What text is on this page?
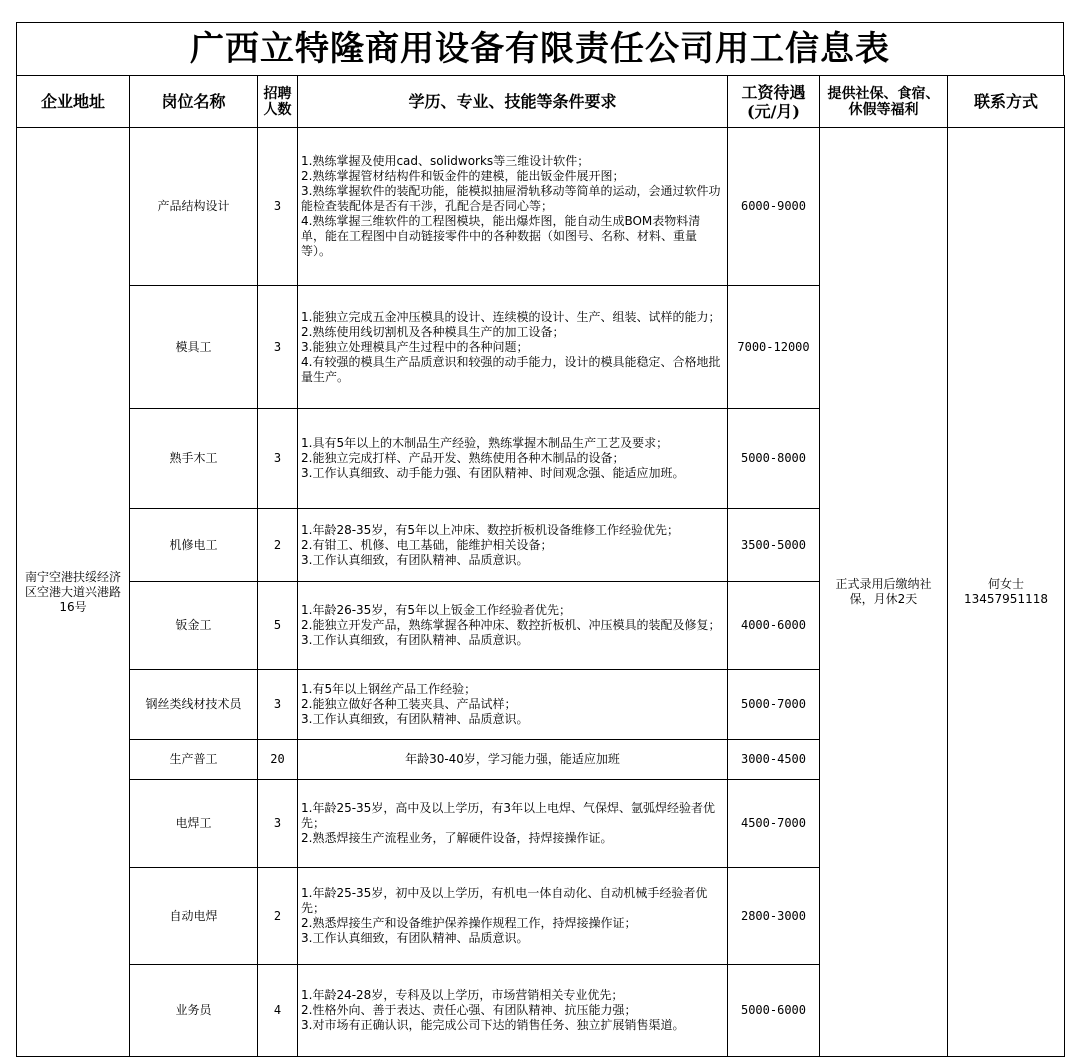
广西立特隆商用设备有限责任公司用工信息表
企业地址	岗位名称	招聘人数	学历、专业、技能等条件要求	工资待遇(元/月)	提供社保、食宿、休假等福利	联系方式
南宁空港扶绥经济区空港大道兴港路16号	产品结构设计	3	1.熟练掌握及使用cad、solidworks等三维设计软件；
2.熟练掌握管材结构件和钣金件的建模，能出钣金件展开图；
3.熟练掌握软件的装配功能，能模拟抽屉滑轨移动等简单的运动，会通过软件功能检查装配体是否有干涉，孔配合是否同心等；
4.熟练掌握三维软件的工程图模块，能出爆炸图，能自动生成BOM表物料清单，能在工程图中自动链接零件中的各种数据（如图号、名称、材料、重量等）。	6000-9000	正式录用后缴纳社保，月休2天	何女士
13457951118
	模具工	3	1.能独立完成五金冲压模具的设计、连续模的设计、生产、组装、试样的能力；
2.熟练使用线切割机及各种模具生产的加工设备；
3.能独立处理模具产生过程中的各种问题；
4.有较强的模具生产品质意识和较强的动手能力，设计的模具能稳定、合格地批量生产。	7000-12000		
	熟手木工	3	1.具有5年以上的木制品生产经验，熟练掌握木制品生产工艺及要求；
2.能独立完成打样、产品开发、熟练使用各种木制品的设备；
3.工作认真细致、动手能力强、有团队精神、时间观念强、能适应加班。	5000-8000		
	机修电工	2	1.年龄28-35岁，有5年以上冲床、数控折板机设备维修工作经验优先；
2.有钳工、机修、电工基础，能维护相关设备；
3.工作认真细致，有团队精神、品质意识。	3500-5000		
	钣金工	5	1.年龄26-35岁，有5年以上钣金工作经验者优先；
2.能独立开发产品，熟练掌握各种冲床、数控折板机、冲压模具的装配及修复；
3.工作认真细致，有团队精神、品质意识。	4000-6000		
	钢丝类线材技术员	3	1.有5年以上钢丝产品工作经验；
2.能独立做好各种工装夹具、产品试样；
3.工作认真细致，有团队精神、品质意识。	5000-7000		
	生产普工	20	年龄30-40岁，学习能力强，能适应加班	3000-4500		
	电焊工	3	1.年龄25-35岁，高中及以上学历，有3年以上电焊、气保焊、氩弧焊经验者优先；
2.熟悉焊接生产流程业务，了解硬件设备，持焊接操作证。	4500-7000		
	自动电焊	2	1.年龄25-35岁，初中及以上学历，有机电一体自动化、自动机械手经验者优先；
2.熟悉焊接生产和设备维护保养操作规程工作，持焊接操作证；
3.工作认真细致，有团队精神、品质意识。	2800-3000		
	业务员	4	1.年龄24-28岁，专科及以上学历，市场营销相关专业优先；
2.性格外向、善于表达、责任心强、有团队精神、抗压能力强；
3.对市场有正确认识，能完成公司下达的销售任务、独立扩展销售渠道。	5000-6000		
